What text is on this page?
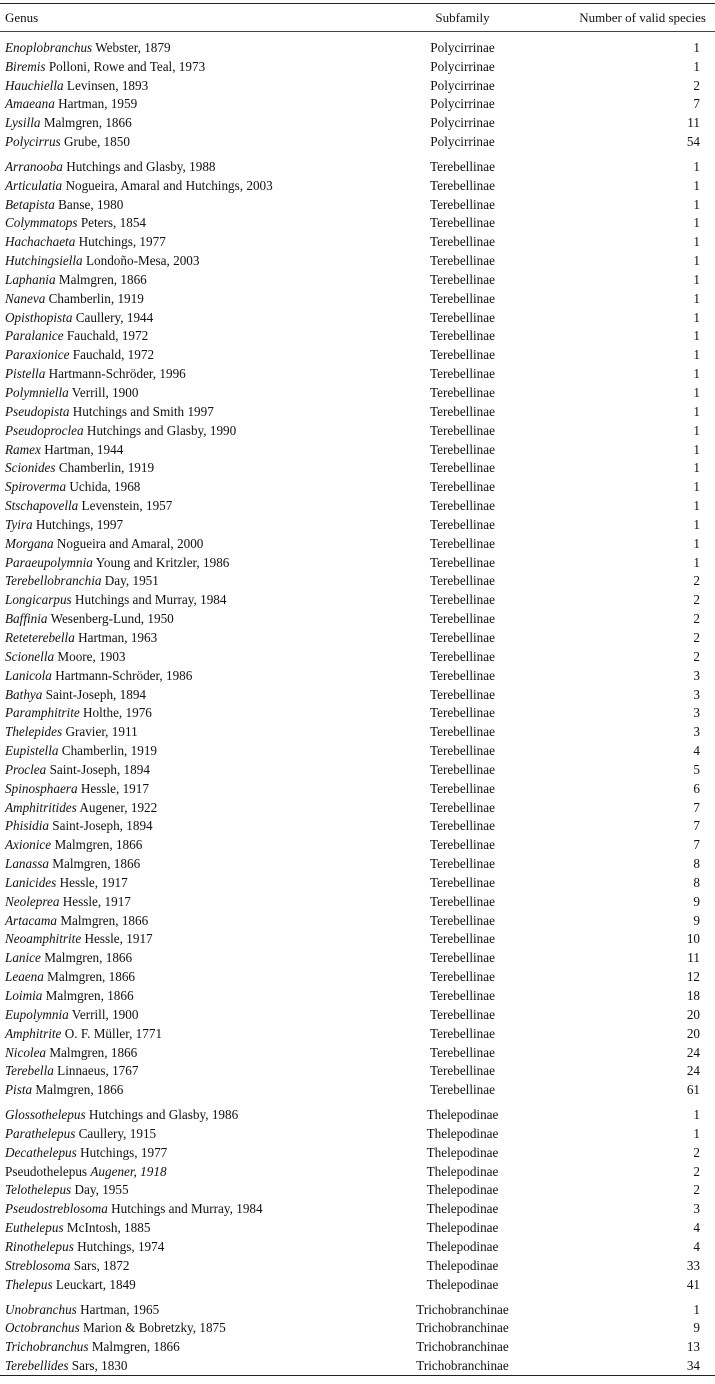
Genus	Subfamily	Number of valid species
Enoplobranchus Webster, 1879	Polycirrinae	1
Biremis Polloni, Rowe and Teal, 1973	Polycirrinae	1
Hauchiella Levinsen, 1893	Polycirrinae	2
Amaeana Hartman, 1959	Polycirrinae	7
Lysilla Malmgren, 1866	Polycirrinae	11
Polycirrus Grube, 1850	Polycirrinae	54
Arranooba Hutchings and Glasby, 1988	Terebellinae	1
Articulatia Nogueira, Amaral and Hutchings, 2003	Terebellinae	1
Betapista Banse, 1980	Terebellinae	1
Colymmatops Peters, 1854	Terebellinae	1
Hachachaeta Hutchings, 1977	Terebellinae	1
Hutchingsiella Londoño-Mesa, 2003	Terebellinae	1
Laphania Malmgren, 1866	Terebellinae	1
Naneva Chamberlin, 1919	Terebellinae	1
Opisthopista Caullery, 1944	Terebellinae	1
Paralanice Fauchald, 1972	Terebellinae	1
Paraxionice Fauchald, 1972	Terebellinae	1
Pistella Hartmann-Schröder, 1996	Terebellinae	1
Polymniella Verrill, 1900	Terebellinae	1
Pseudopista Hutchings and Smith 1997	Terebellinae	1
Pseudoproclea Hutchings and Glasby, 1990	Terebellinae	1
Ramex Hartman, 1944	Terebellinae	1
Scionides Chamberlin, 1919	Terebellinae	1
Spiroverma Uchida, 1968	Terebellinae	1
Stschapovella Levenstein, 1957	Terebellinae	1
Tyira Hutchings, 1997	Terebellinae	1
Morgana Nogueira and Amaral, 2000	Terebellinae	1
Paraeupolymnia Young and Kritzler, 1986	Terebellinae	1
Terebellobranchia Day, 1951	Terebellinae	2
Longicarpus Hutchings and Murray, 1984	Terebellinae	2
Baffinia Wesenberg-Lund, 1950	Terebellinae	2
Reteterebella Hartman, 1963	Terebellinae	2
Scionella Moore, 1903	Terebellinae	2
Lanicola Hartmann-Schröder, 1986	Terebellinae	3
Bathya Saint-Joseph, 1894	Terebellinae	3
Paramphitrite Holthe, 1976	Terebellinae	3
Thelepides Gravier, 1911	Terebellinae	3
Eupistella Chamberlin, 1919	Terebellinae	4
Proclea Saint-Joseph, 1894	Terebellinae	5
Spinosphaera Hessle, 1917	Terebellinae	6
Amphitritides Augener, 1922	Terebellinae	7
Phisidia Saint-Joseph, 1894	Terebellinae	7
Axionice Malmgren, 1866	Terebellinae	7
Lanassa Malmgren, 1866	Terebellinae	8
Lanicides Hessle, 1917	Terebellinae	8
Neoleprea Hessle, 1917	Terebellinae	9
Artacama Malmgren, 1866	Terebellinae	9
Neoamphitrite Hessle, 1917	Terebellinae	10
Lanice Malmgren, 1866	Terebellinae	11
Leaena Malmgren, 1866	Terebellinae	12
Loimia Malmgren, 1866	Terebellinae	18
Eupolymnia Verrill, 1900	Terebellinae	20
Amphitrite O. F. Müller, 1771	Terebellinae	20
Nicolea Malmgren, 1866	Terebellinae	24
Terebella Linnaeus, 1767	Terebellinae	24
Pista Malmgren, 1866	Terebellinae	61
Glossothelepus Hutchings and Glasby, 1986	Thelepodinae	1
Parathelepus Caullery, 1915	Thelepodinae	1
Decathelepus Hutchings, 1977	Thelepodinae	2
Pseudothelepus Augener, 1918	Thelepodinae	2
Telothelepus Day, 1955	Thelepodinae	2
Pseudostreblosoma Hutchings and Murray, 1984	Thelepodinae	3
Euthelepus McIntosh, 1885	Thelepodinae	4
Rinothelepus Hutchings, 1974	Thelepodinae	4
Streblosoma Sars, 1872	Thelepodinae	33
Thelepus Leuckart, 1849	Thelepodinae	41
Unobranchus Hartman, 1965	Trichobranchinae	1
Octobranchus Marion & Bobretzky, 1875	Trichobranchinae	9
Trichobranchus Malmgren, 1866	Trichobranchinae	13
Terebellides Sars, 1830	Trichobranchinae	34
